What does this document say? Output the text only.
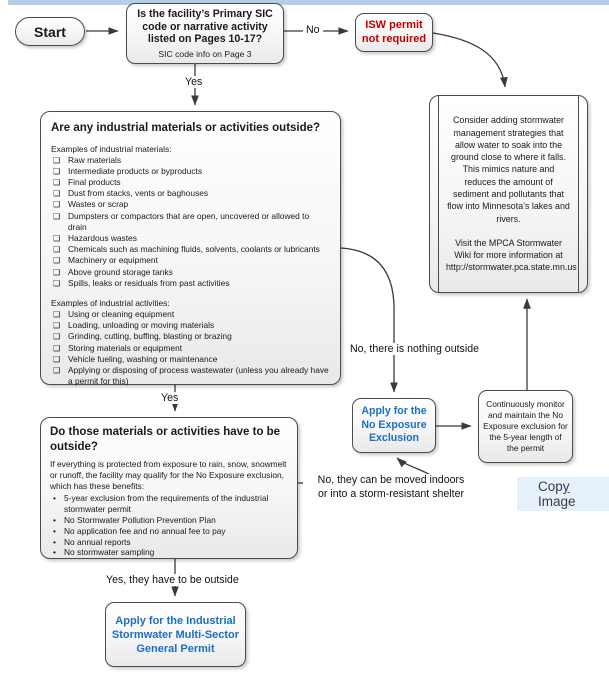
Start
Is the facility’s Primary SIC code or narrative activity listed on Pages 10-17?
SIC code info on Page 3
ISW permit not required
Are any industrial materials or activities outside?
Examples of industrial materials:
❑ Raw materials
❑ Intermediate products or byproducts
❑ Final products
❑ Dust from stacks, vents or baghouses
❑ Wastes or scrap
❑ Dumpsters or compactors that are open, uncovered or allowed to drain
❑ Hazardous wastes
❑ Chemicals such as machining fluids, solvents, coolants or lubricants
❑ Machinery or equipment
❑ Above ground storage tanks
❑ Spills, leaks or residuals from past activities
Examples of industrial activities:
❑ Using or cleaning equipment
❑ Loading, unloading or moving materials
❑ Grinding, cutting, buffing, blasting or brazing
❑ Storing materials or equipment
❑ Vehicle fueling, washing or maintenance
❑ Applying or disposing of process wastewater (unless you already have a permit for this)

Consider adding stormwater management strategies that allow water to soak into the ground close to where it falls. This mimics nature and reduces the amount of sediment and pollutants that flow into Minnesota’s lakes and rivers.

Visit the MPCA Stormwater Wiki for more information at http://stormwater.pca.state.mn.us

Apply for the No Exposure Exclusion
Continuously monitor and maintain the No Exposure exclusion for the 5-year length of the permit
Do those materials or activities have to be outside?
If everything is protected from exposure to rain, snow, snowmelt or runoff, the facility may qualify for the No Exposure exclusion, which has these benefits:
• 5-year exclusion from the requirements of the industrial stormwater permit
• No Stormwater Pollution Prevention Plan
• No application fee and no annual fee to pay
• No annual reports
• No stormwater sampling
Apply for the Industrial Stormwater Multi-Sector General Permit
No
Yes
Yes
No, there is nothing outside
No, they can be moved indoors
or into a storm-resistant shelter
Yes, they have to be outside
Copy Image
